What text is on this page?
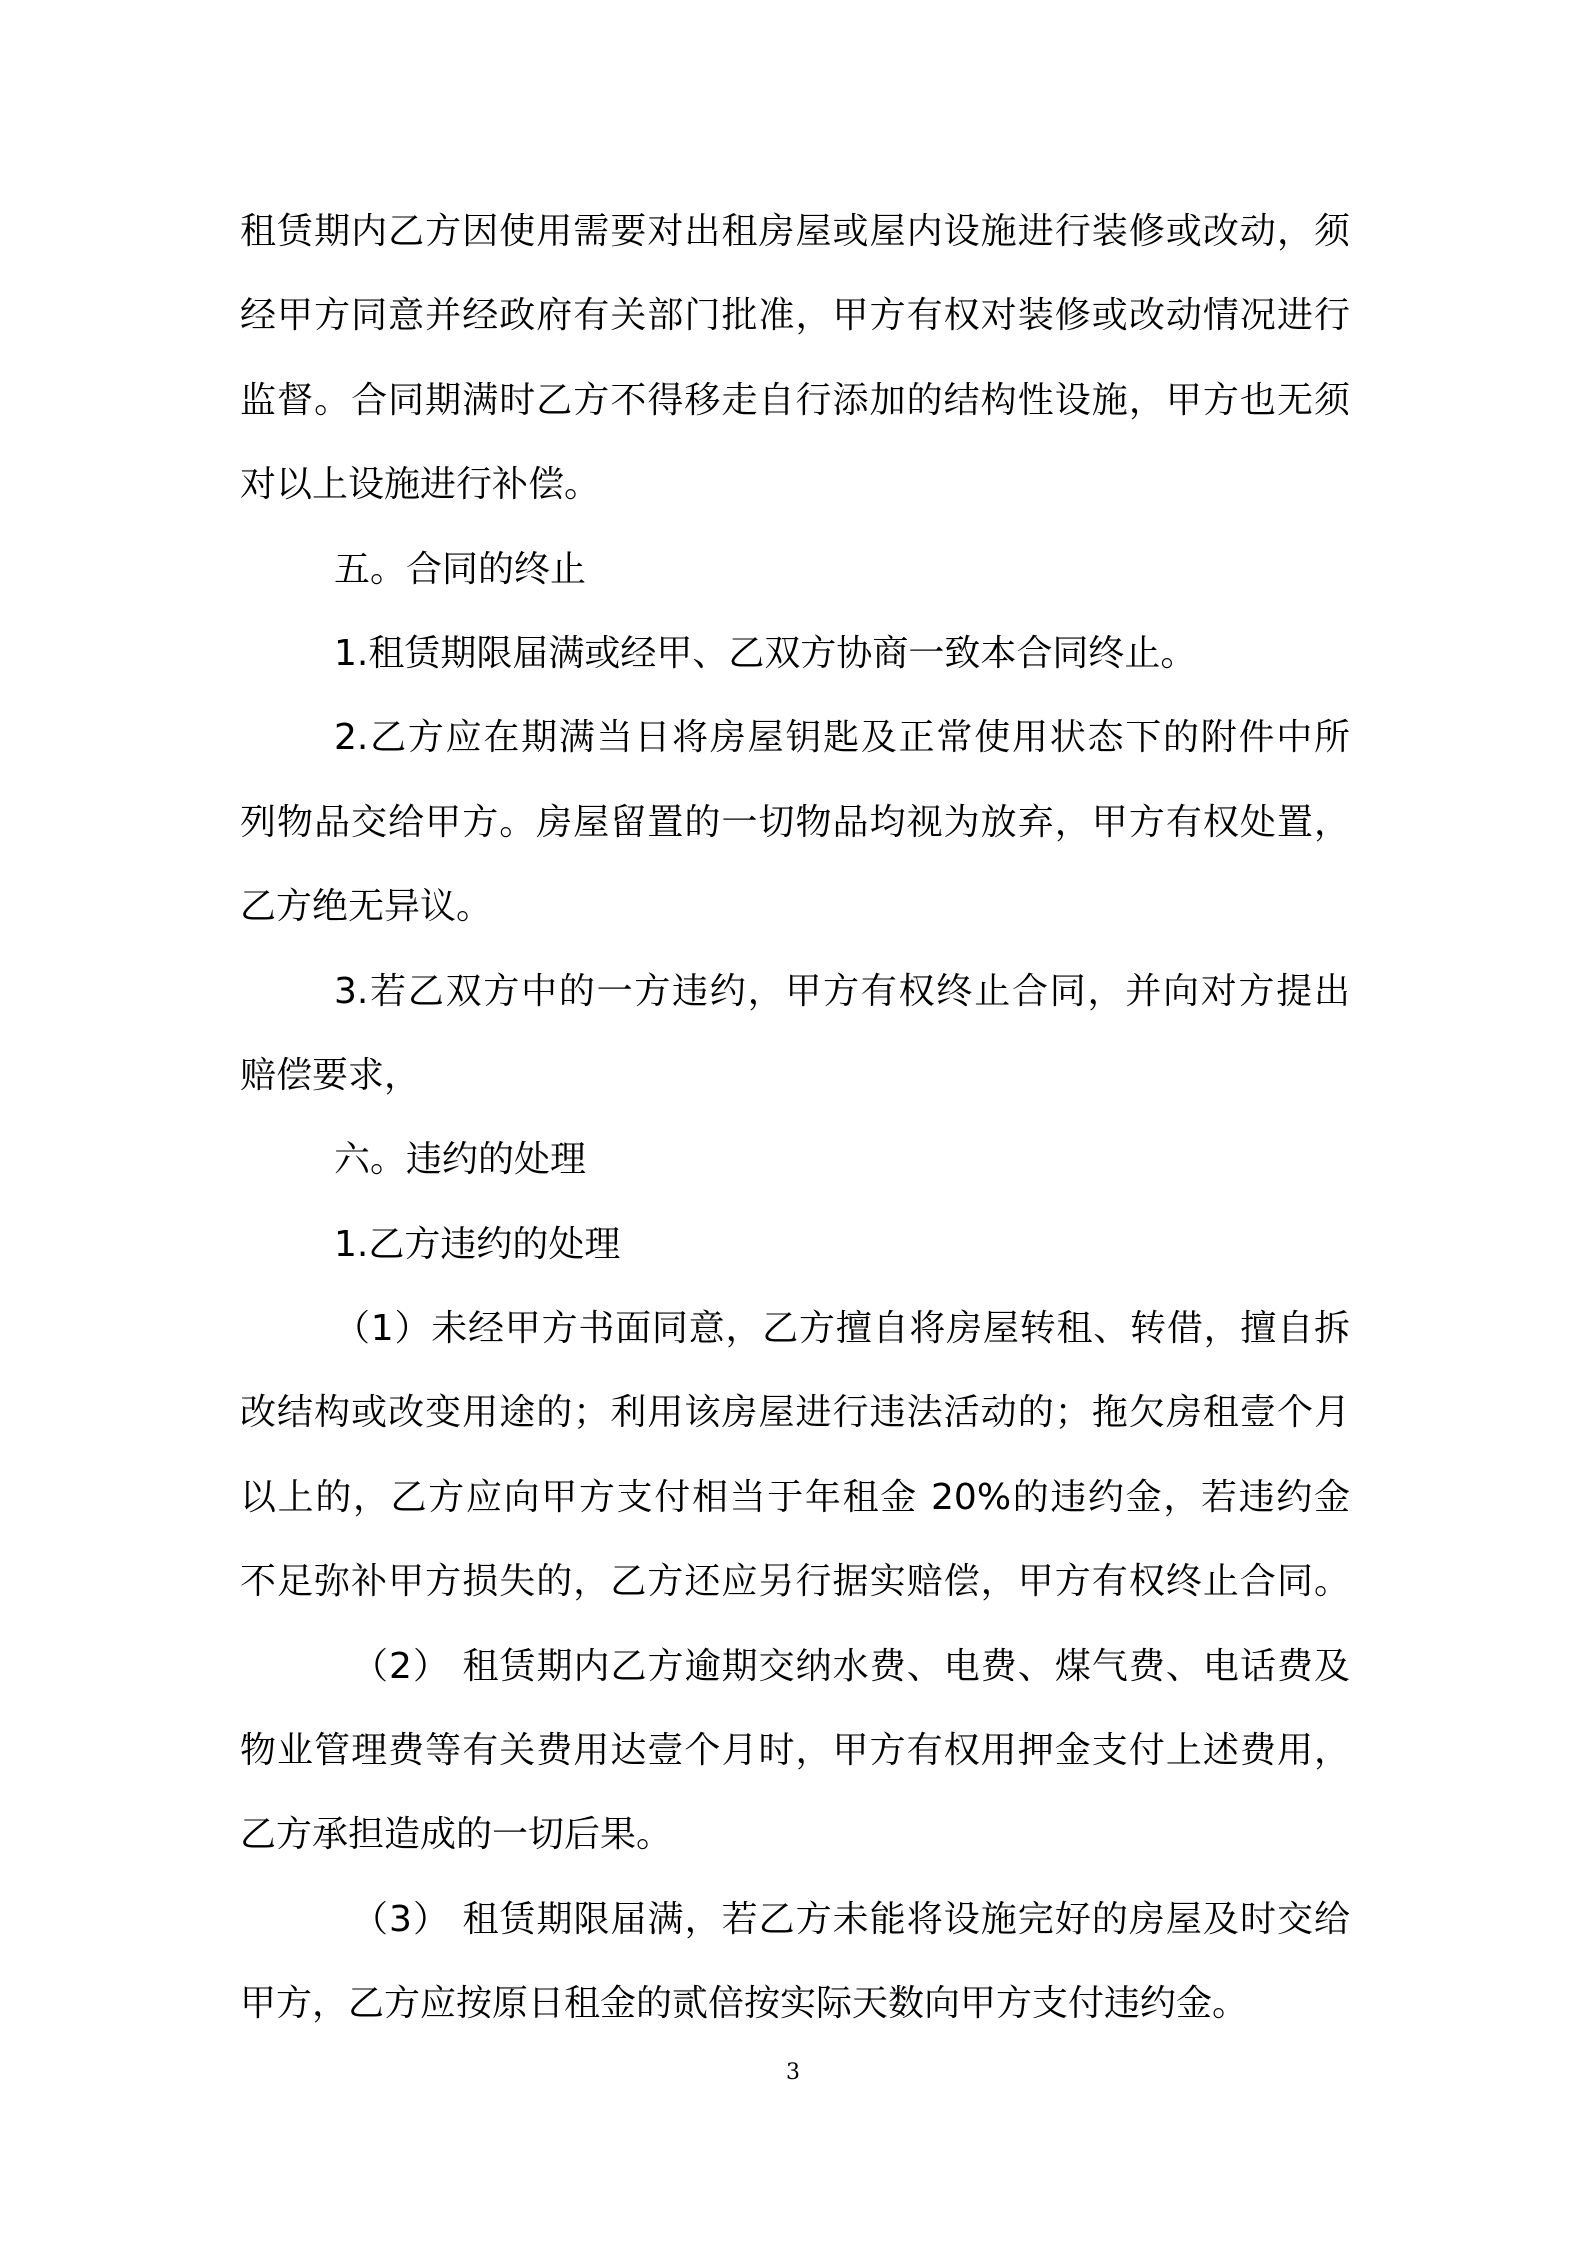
租赁期内乙方因使用需要对出租房屋或屋内设施进行装修或改动，须
经甲方同意并经政府有关部门批准，甲方有权对装修或改动情况进行
监督。合同期满时乙方不得移走自行添加的结构性设施，甲方也无须
对以上设施进行补偿。
五。合同的终止
1.租赁期限届满或经甲、乙双方协商一致本合同终止。
2.乙方应在期满当日将房屋钥匙及正常使用状态下的附件中所
列物品交给甲方。房屋留置的一切物品均视为放弃，甲方有权处置，
乙方绝无异议。
3.若乙双方中的一方违约，甲方有权终止合同，并向对方提出
赔偿要求，
六。违约的处理
1.乙方违约的处理
（1）未经甲方书面同意，乙方擅自将房屋转租、转借，擅自拆
改结构或改变用途的；利用该房屋进行违法活动的；拖欠房租壹个月
以上的，乙方应向甲方支付相当于年租金 20%的违约金，若违约金
不足弥补甲方损失的，乙方还应另行据实赔偿，甲方有权终止合同。
（2） 租赁期内乙方逾期交纳水费、电费、煤气费、电话费及
物业管理费等有关费用达壹个月时，甲方有权用押金支付上述费用，
乙方承担造成的一切后果。
（3） 租赁期限届满，若乙方未能将设施完好的房屋及时交给
甲方，乙方应按原日租金的贰倍按实际天数向甲方支付违约金。
3
